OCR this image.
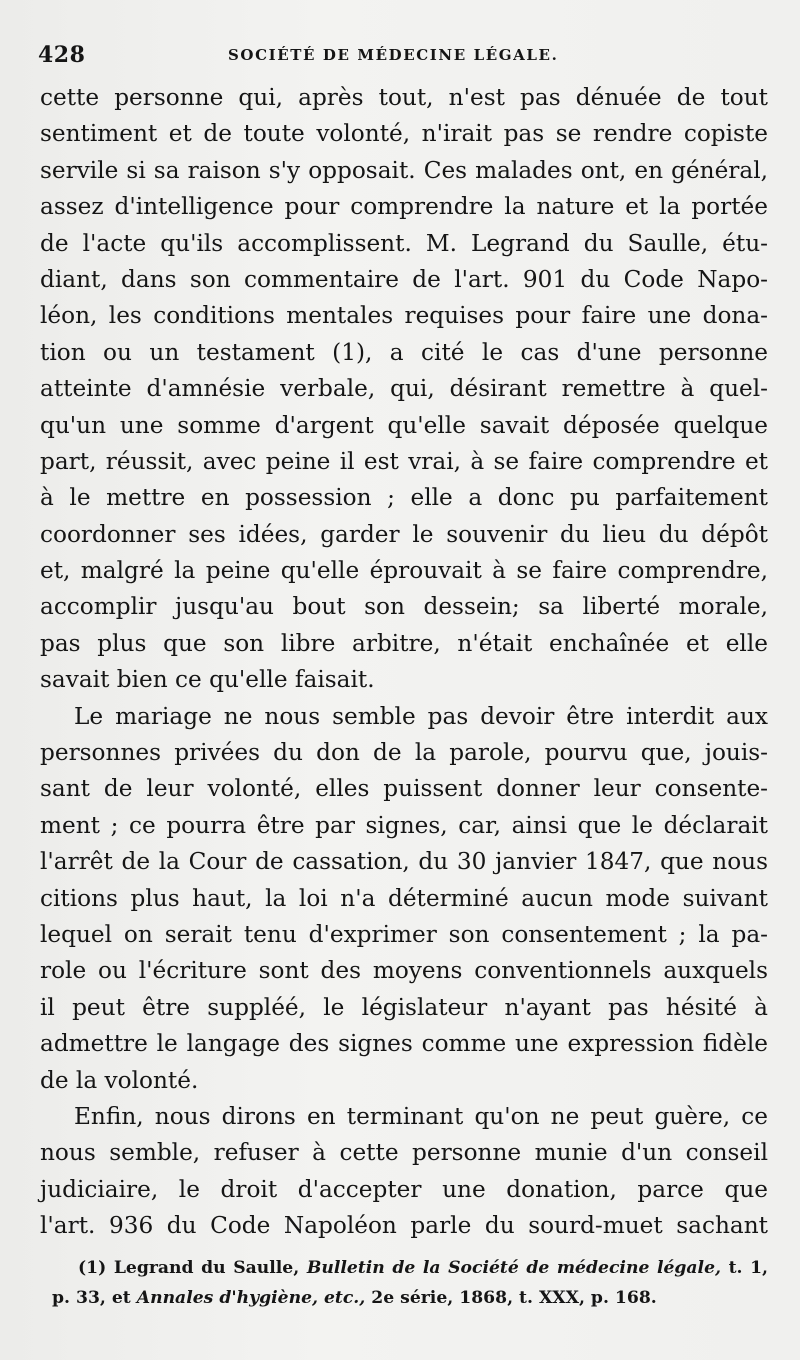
428	SOCIÉTÉ DE MÉDECINE LÉGALE.
cette personne qui, après tout, n'est pas dénuée de tout
sentiment et de toute volonté, n'irait pas se rendre copiste
servile si sa raison s'y opposait. Ces malades ont, en général,
assez d'intelligence pour comprendre la nature et la portée
de l'acte qu'ils accomplissent. M. Legrand du Saulle, étu-
diant, dans son commentaire de l'art. 901 du Code Napo-
léon, les conditions mentales requises pour faire une dona-
tion ou un testament (1), a cité le cas d'une personne
atteinte d'amnésie verbale, qui, désirant remettre à quel-
qu'un une somme d'argent qu'elle savait déposée quelque
part, réussit, avec peine il est vrai, à se faire comprendre et
à le mettre en possession ; elle a donc pu parfaitement
coordonner ses idées, garder le souvenir du lieu du dépôt
et, malgré la peine qu'elle éprouvait à se faire comprendre,
accomplir jusqu'au bout son dessein; sa liberté morale,
pas plus que son libre arbitre, n'était enchaînée et elle
savait bien ce qu'elle faisait.
Le mariage ne nous semble pas devoir être interdit aux
personnes privées du don de la parole, pourvu que, jouis-
sant de leur volonté, elles puissent donner leur consente-
ment ; ce pourra être par signes, car, ainsi que le déclarait
l'arrêt de la Cour de cassation, du 30 janvier 1847, que nous
citions plus haut, la loi n'a déterminé aucun mode suivant
lequel on serait tenu d'exprimer son consentement ; la pa-
role ou l'écriture sont des moyens conventionnels auxquels
il peut être suppléé, le législateur n'ayant pas hésité à
admettre le langage des signes comme une expression fidèle
de la volonté.
Enfin, nous dirons en terminant qu'on ne peut guère, ce
nous semble, refuser à cette personne munie d'un conseil
judiciaire, le droit d'accepter une donation, parce que
l'art. 936 du Code Napoléon parle du sourd-muet sachant
(1) Legrand du Saulle, Bulletin de la Société de médecine légale, t. 1,
p. 33, et Annales d'hygiène, etc., 2e série, 1868, t. XXX, p. 168.
